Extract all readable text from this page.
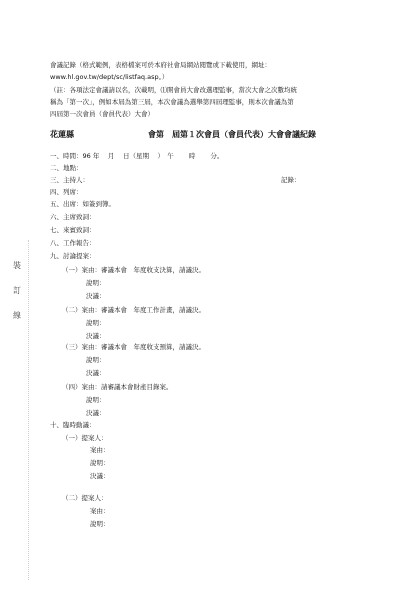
會議記錄（格式範例，表格檔案可於本府社會局網站閱覽或下載使用，網址：
www.hl.gov.tw/dept/sc/listfaq.asp。）
（註：各項法定會議請以名，次載明，⑴開會員大會改選理監事，當次大會之次數均統
稱為「第一次」，例如本屆為第三屆，本次會議為選舉第四屆理監事，則本次會議為第
四屆第一次會員（會員代表）大會）
花蓮縣	會第　屆第１次會員（會員代表）大會會議紀錄
一、時間：96 年　 月　 日（星期　 ）　午　　 時　　 分。
二、地點：
三、主持人：	記錄：
四、列席：
五、出席：如簽到簿。
六、主席致詞：
七、來賓致詞：
八、工作報告：
九、討論提案：
（一）案由：審議本會　年度收支決算，請議決。
說明：
決議：
（二）案由：審議本會　年度工作計畫，請議決。
說明：
決議：
（三）案由：審議本會　年度收支預算，請議決。
說明：
決議：
（四）案由：請審議本會財產目錄案。
說明：
決議：
十、臨時動議：
（一）提案人：
案由：
說明：
決議：
（二）提案人：
案由：
說明：
裝
訂
線
